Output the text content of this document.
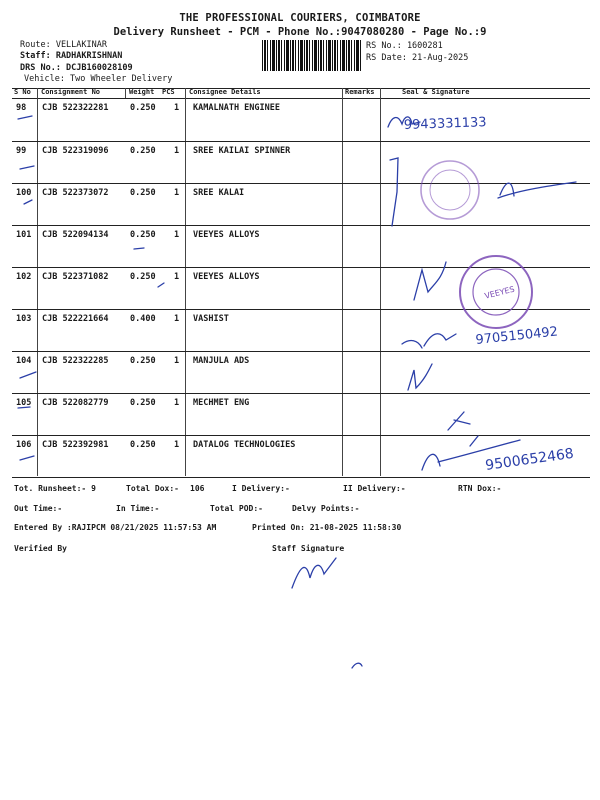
THE PROFESSIONAL COURIERS, COIMBATORE
Delivery Runsheet - PCM - Phone No.:9047080280 - Page No.:9
Route: VELLAKINAR
Staff: RADHAKRISHNAN
DRS No.: DCJB160028109
Vehicle: Two Wheeler Delivery
RS No.: 1600281
RS Date: 21-Aug-2025
S No Consignment No	Weight PCS Consignee Details	Remarks	Seal & Signature
98 CJB 522322281	0.250 1 KAMALNATH ENGINEE
99 CJB 522319096	0.250 1 SREE KAILAI SPINNER
100 CJB 522373072	0.250 1 SREE KALAI
101 CJB 522094134	0.250 1 VEEYES ALLOYS
102 CJB 522371082	0.250 1 VEEYES ALLOYS
103 CJB 522221664	0.400 1 VASHIST
104 CJB 522322285	0.250 1 MANJULA ADS
105 CJB 522082779	0.250 1 MECHMET ENG
106 CJB 522392981	0.250 1 DATALOG TECHNOLOGIES
Tot. Runsheet:- 9	Total Dox:- 106	I Delivery:-	II Delivery:-	RTN Dox:-
Out Time:-	In Time:-	Total POD:-	Delvy Points:-
Entered By :RAJIPCM 08/21/2025 11:57:53 AM	Printed On: 21-08-2025 11:58:30
Verified By	Staff Signature
9943331133
9705150492
9500652468
VEEYES
